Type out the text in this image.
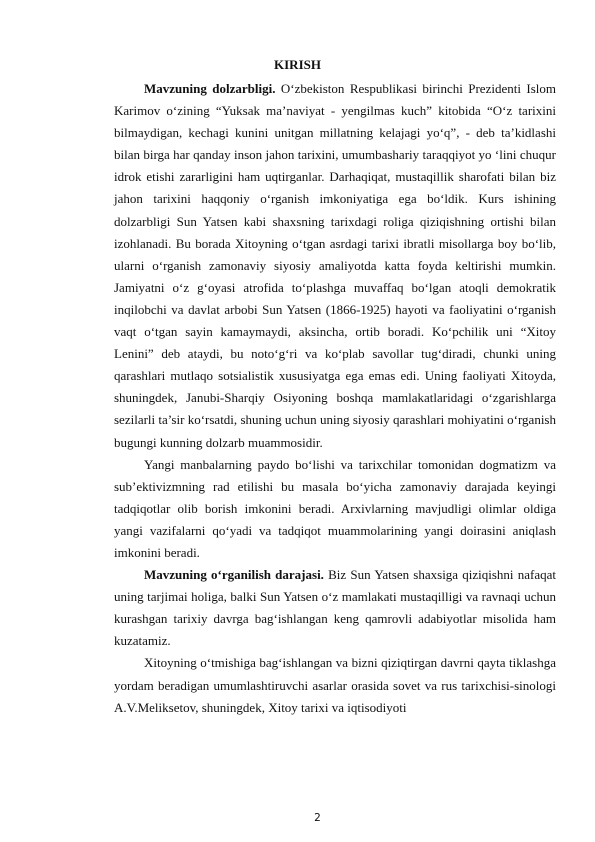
KIRISH

Mavzuning dolzarbligi. O‘zbekiston Respublikasi birinchi Prezidenti Islom Karimov o‘zining “Yuksak ma’naviyat - yengilmas kuch” kitobida “O‘z tarixini bilmaydigan, kechagi kunini unitgan millatning kelajagi yo‘q”, - deb ta’kidlashi bilan birga har qanday inson jahon tarixini, umumbashariy taraqqiyot yo ‘lini chuqur idrok etishi zararligini ham uqtirganlar. Darhaqiqat, mustaqillik sharofati bilan biz jahon tarixini haqqoniy o‘rganish imkoniyatiga ega bo‘ldik. Kurs ishining dolzarbligi Sun Yatsen kabi shaxsning tarixdagi roliga qiziqishning ortishi bilan izohlanadi. Bu borada Xitoyning o‘tgan asrdagi tarixi ibratli misollarga boy bo‘lib, ularni o‘rganish zamonaviy siyosiy amaliyotda katta foyda keltirishi mumkin. Jamiyatni o‘z g‘oyasi atrofida to‘plashga muvaffaq bo‘lgan atoqli demokratik inqilobchi va davlat arbobi Sun Yatsen (1866-1925) hayoti va faoliyatini o‘rganish vaqt o‘tgan sayin kamaymaydi, aksincha, ortib boradi. Ko‘pchilik uni “Xitoy Lenini” deb ataydi, bu noto‘g‘ri va ko‘plab savollar tug‘diradi, chunki uning qarashlari mutlaqo sotsialistik xususiyatga ega emas edi. Uning faoliyati Xitoyda, shuningdek, Janubi-Sharqiy Osiyoning boshqa mamlakatlaridagi o‘zgarishlarga sezilarli ta’sir ko‘rsatdi, shuning uchun uning siyosiy qarashlari mohiyatini o‘rganish bugungi kunning dolzarb muammosidir.

Yangi manbalarning paydo bo‘lishi va tarixchilar tomonidan dogmatizm va sub’ektivizmning rad etilishi bu masala bo‘yicha zamonaviy darajada keyingi tadqiqotlar olib borish imkonini beradi. Arxivlarning mavjudligi olimlar oldiga yangi vazifalarni qo‘yadi va tadqiqot muammolarining yangi doirasini aniqlash imkonini beradi.

Mavzuning o‘rganilish darajasi. Biz Sun Yatsen shaxsiga qiziqishni nafaqat uning tarjimai holiga, balki Sun Yatsen o‘z mamlakati mustaqilligi va ravnaqi uchun kurashgan tarixiy davrga bag‘ishlangan keng qamrovli adabiyotlar misolida ham kuzatamiz.

Xitoyning o‘tmishiga bag‘ishlangan va bizni qiziqtirgan davrni qayta tiklashga yordam beradigan umumlashtiruvchi asarlar orasida sovet va rus tarixchisi-sinologi A.V.Meliksetov, shuningdek, Xitoy tarixi va iqtisodiyoti

2
